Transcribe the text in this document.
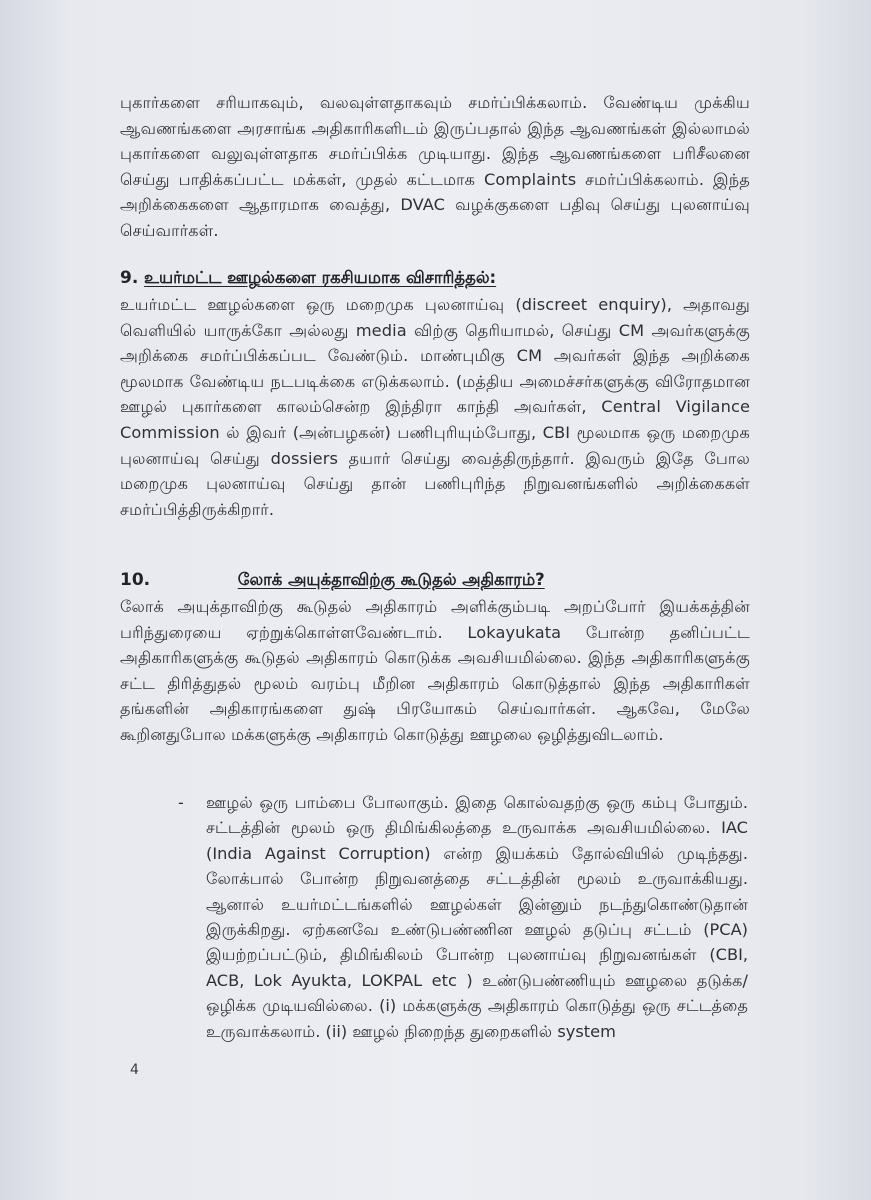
புகார்களை சரியாகவும், வலவுள்ளதாகவும் சமர்ப்பிக்கலாம். வேண்டிய முக்கிய ஆவணங்களை அரசாங்க அதிகாரிகளிடம் இருப்பதால் இந்த ஆவணங்கள் இல்லாமல் புகார்களை வலுவுள்ளதாக சமர்ப்பிக்க முடியாது. இந்த ஆவணங்களை பரிசீலனை செய்து பாதிக்கப்பட்ட மக்கள், முதல் கட்டமாக Complaints சமர்ப்பிக்கலாம். இந்த அறிக்கைகளை ஆதாரமாக வைத்து, DVAC வழக்குகளை பதிவு செய்து புலனாய்வு செய்வார்கள்.
9. உயர்மட்ட ஊழல்களை ரகசியமாக விசாரித்தல்:
உயர்மட்ட ஊழல்களை ஒரு மறைமுக புலனாய்வு (discreet enquiry), அதாவது வெளியில் யாருக்கோ அல்லது media விற்கு தெரியாமல், செய்து CM அவர்களுக்கு அறிக்கை சமர்ப்பிக்கப்பட வேண்டும். மாண்புமிகு CM அவர்கள் இந்த அறிக்கை மூலமாக வேண்டிய நடபடிக்கை எடுக்கலாம். (மத்திய அமைச்சர்களுக்கு விரோதமான ஊழல் புகார்களை காலம்சென்ற இந்திரா காந்தி அவர்கள், Central Vigilance Commission ல் இவர் (அன்பழகன்) பணிபுரியும்போது, CBI மூலமாக ஒரு மறைமுக புலனாய்வு செய்து dossiers தயார் செய்து வைத்திருந்தார். இவரும் இதே போல மறைமுக புலனாய்வு செய்து தான் பணிபுரிந்த நிறுவனங்களில் அறிக்கைகள் சமர்ப்பித்திருக்கிறார்.
10.	லோக் அயுக்தாவிற்கு கூடுதல் அதிகாரம்?
லோக் அயுக்தாவிற்கு கூடுதல் அதிகாரம் அளிக்கும்படி அறப்போர் இயக்கத்தின் பரிந்துரையை ஏற்றுக்கொள்ளவேண்டாம். Lokayukata போன்ற தனிப்பட்ட அதிகாரிகளுக்கு கூடுதல் அதிகாரம் கொடுக்க அவசியமில்லை. இந்த அதிகாரிகளுக்கு சட்ட திரித்துதல் மூலம் வரம்பு மீறின அதிகாரம் கொடுத்தால் இந்த அதிகாரிகள் தங்களின் அதிகாரங்களை துஷ் பிரயோகம் செய்வார்கள். ஆகவே, மேலே கூறினதுபோல மக்களுக்கு அதிகாரம் கொடுத்து ஊழலை ஒழித்துவிடலாம்.
- ஊழல் ஒரு பாம்பை போலாகும். இதை கொல்வதற்கு ஒரு கம்பு போதும். சட்டத்தின் மூலம் ஒரு திமிங்கிலத்தை உருவாக்க அவசியமில்லை. IAC (India Against Corruption) என்ற இயக்கம் தோல்வியில் முடிந்தது. லோக்பால் போன்ற நிறுவனத்தை சட்டத்தின் மூலம் உருவாக்கியது. ஆனால் உயர்மட்டங்களில் ஊழல்கள் இன்னும் நடந்துகொண்டுதான் இருக்கிறது. ஏற்கனவே உண்டுபண்ணின ஊழல் தடுப்பு சட்டம் (PCA) இயற்றப்பட்டும், திமிங்கிலம் போன்ற புலனாய்வு நிறுவனங்கள் (CBI, ACB, Lok Ayukta, LOKPAL etc ) உண்டுபண்ணியும் ஊழலை தடுக்க/ஒழிக்க முடியவில்லை. (i) மக்களுக்கு அதிகாரம் கொடுத்து ஒரு சட்டத்தை உருவாக்கலாம். (ii) ஊழல் நிறைந்த துறைகளில் system
4
